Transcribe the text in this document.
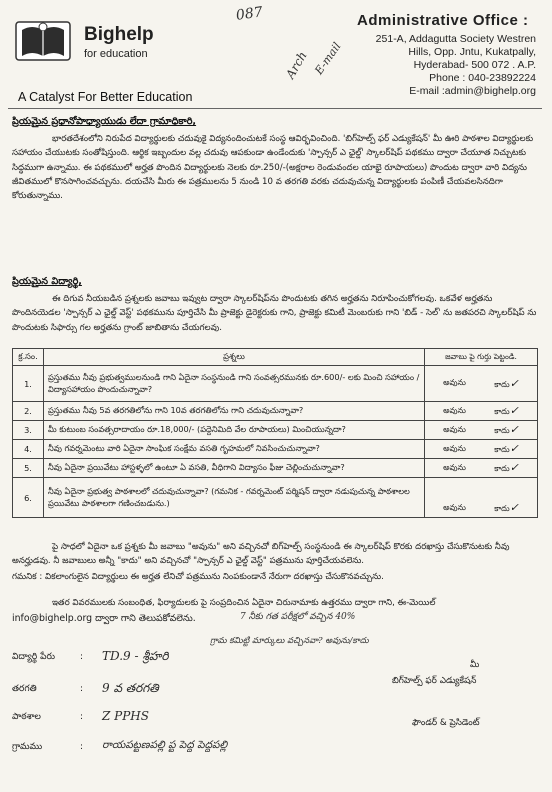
Bighelp
for education
A Catalyst For Better Education
087
Arch E-mail
Administrative Office :
251-A, Addagutta Society Westren
Hills, Opp. Jntu, Kukatpally,
Hyderabad- 500 072 . A.P.
Phone : 040-23892224
E-mail :admin@bighelp.org
ప్రియమైన ప్రధానోపాధ్యాయుడు లేదా గ్రామాధికారి,
భారతదేశంలోని నిరుపేద విద్యార్థులకు చదువుకై విద్యనందించుటకే సంస్థ ఆవిర్భవించింది. 'బిగ్‌హెల్ప్ ఫర్ ఎడ్యుకేషన్' మీ ఊరి పాఠశాల విద్యార్థులకు సహాయం చేయుటకు సంతోషిస్తుంది. ఆర్థిక ఇబ్బందుల వల్ల చదువు ఆపకుండా ఉండేందుకు 'స్పాన్సర్ ఎ ఛైల్డ్' స్కాలర్‌షిప్ పథకము ద్వారా చేయూత నిచ్చుటకు సిద్ధముగా ఉన్నాము. ఈ పథకములో అర్హత పొందిన విద్యార్థులకు నెలకు రూ.250/-(అక్షరాల రెండువందల యాభై రూపాయలు) పొందుట ద్వారా వారి విద్యను జీవితములో కొనసాగించవచ్చును. దయచేసి మీరు ఈ పత్రములను 5 నుండి 10 వ తరగతి వరకు చదువుచున్న విద్యార్థులకు పంపిణీ చేయవలసినదిగా కోరుతున్నాము.
ప్రియమైన విద్యార్థి,
ఈ దిగువ నీయబడిన ప్రశ్నలకు జవాబు ఇవ్వుట ద్వారా స్కాలర్‌షిప్‌ను పొందుటకు తగిన అర్హతను నిరూపించుకోగలవు. ఒకవేళ అర్హతను పొందినయెడల 'స్పాన్సర్ ఎ ఛైల్డ్ వెస్ట్' పథకమును పూర్తిచేసి మీ ప్రాజెక్టు డైరెక్టరుకు గాని, ప్రాజెక్టు కమిటీ మెంబరుకు గాని 'బిడ్ - సెల్' ను జతపరచి స్కాలర్‌షిప్ ను పొందుటకు సిఫార్సు గల అర్హతను గ్రాంట్ జాబితాను చేయగలవు.
క్ర.సం.	ప్రశ్నలు	జవాబు పై గుర్తు పెట్టండి.
1.	ప్రస్తుతము నీవు ప్రభుత్వములనుండి గాని ఏదైనా సంస్థనుండి గాని సంవత్సరమునకు రూ.600/- లకు మించి సహాయం / విద్యాసహాయం పొందుచున్నావా?	అవును కాదు✓

2.	ప్రస్తుతము నీవు 5వ తరగతిలోను గాని 10వ తరగతిలోను గాని చదువుచున్నావా?	అవును కాదు✓

3.	మీ కుటుంబ సంవత్సరాదాయం రూ.18,000/- (పద్దెనిమిది వేల రూపాయలు) మించియున్నదా?	అవును కాదు✓

4.	నీవు గవర్నమెంటు వారి ఏదైనా సాంఘిక సంక్షేమ వసతి గృహమలో నివసించుచున్నావా?	అవును కాదు✓

5.	నీవు ఏదైనా ప్రయివేటు హాస్టళ్ళలో ఉంటూ ఏ వసతి, వీధిగాని విద్యాసం ఫీజు చెల్లించుచున్నావా?	అవును కాదు✓

6.	నీవు ఏదైనా ప్రభుత్వ పాఠశాలలో చదువుచున్నావా? (గమనిక - గవర్నమెంట్ పర్మిషన్ ద్వారా నడుపుచున్న పాఠశాలల ప్రయివేటు పాఠశాలగా గణించబడును.)	అవును కాదు✓
పై సాధలో ఏదైనా ఒక ప్రశ్నకు మీ జవాబు "అవును" అని వచ్చినచో బిగ్‌హెల్ప్ సంస్థనుండి ఈ స్కాలర్‌షిప్ కొరకు దరఖాస్తు చేసుకొనుటకు నీవు అనర్హుడవు. నీ జవాబులు అన్నీ "కాదు" అని వచ్చినచో "స్పాన్సర్ ఎ ఛైల్డ్ వెస్ట్" పత్రమును పూర్తిచేయవలెను.
గమనిక : వికలాంగులైన విద్యార్థులు ఈ అర్హత లేనిచో పత్రమును నింపకుండానే నేరుగా దరఖాస్తు చేసుకొనవచ్చును.
ఇతర వివరములకు సంబంధిత, ఫిర్యాదులకు పై సంప్రదించిన ఏదైనా చిరునామాకు ఉత్తరము ద్వారా గాని, ఈ-మెయిల్
info@bighelp.org ద్వారా గాని తెలుపకోవలెను.	7 నీకు గత పరీక్షలో వచ్చిన 40%
గ్రామ కమిట్టి మార్కులు వచ్చినవా? అవును/కాదు
విద్యార్థి పేరు	: TD.9 - శ్రీహరి
తరగతి	: 9 వ తరగతి
పాఠశాల	: Z PPHS
గ్రామము	: రాయపట్టణపల్లి ప్ట పెద్ద పెద్దపల్లి
మీ
బిగ్‌హెల్ప్ ఫర్ ఎడ్యుకేషన్
ఫౌండర్ & ప్రెసిడెంట్
